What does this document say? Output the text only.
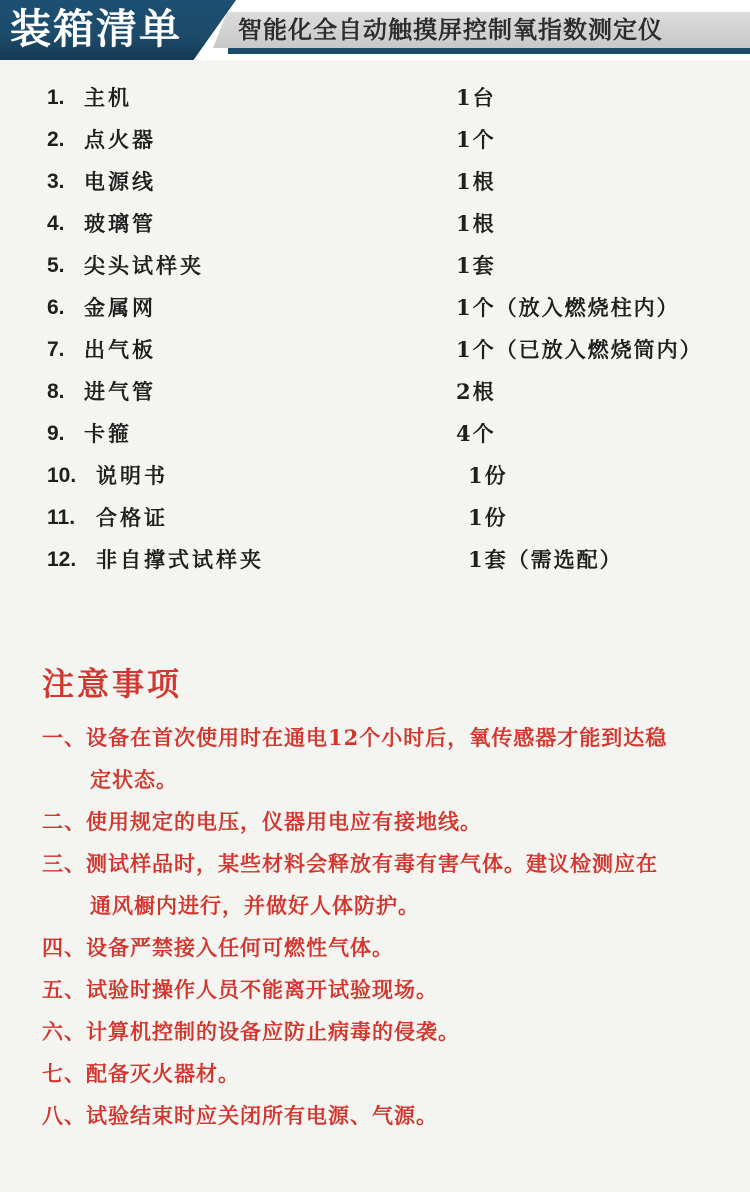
装箱清单 智能化全自动触摸屏控制氧指数测定仪
1. 主机	1台
2. 点火器	1个
3. 电源线	1根
4. 玻璃管	1根
5. 尖头试样夹	1套
6. 金属网	1个（放入燃烧柱内）
7. 出气板	1个（已放入燃烧筒内）
8. 进气管	2根
9. 卡箍	4个
10. 说明书	1份
11. 合格证	1份
12. 非自撑式试样夹	1套（需选配）
注意事项
一、设备在首次使用时在通电12个小时后，氧传感器才能到达稳
定状态。
二、使用规定的电压，仪器用电应有接地线。
三、测试样品时，某些材料会释放有毒有害气体。建议检测应在
通风橱内进行，并做好人体防护。
四、设备严禁接入任何可燃性气体。
五、试验时操作人员不能离开试验现场。
六、计算机控制的设备应防止病毒的侵袭。
七、配备灭火器材。
八、试验结束时应关闭所有电源、气源。
